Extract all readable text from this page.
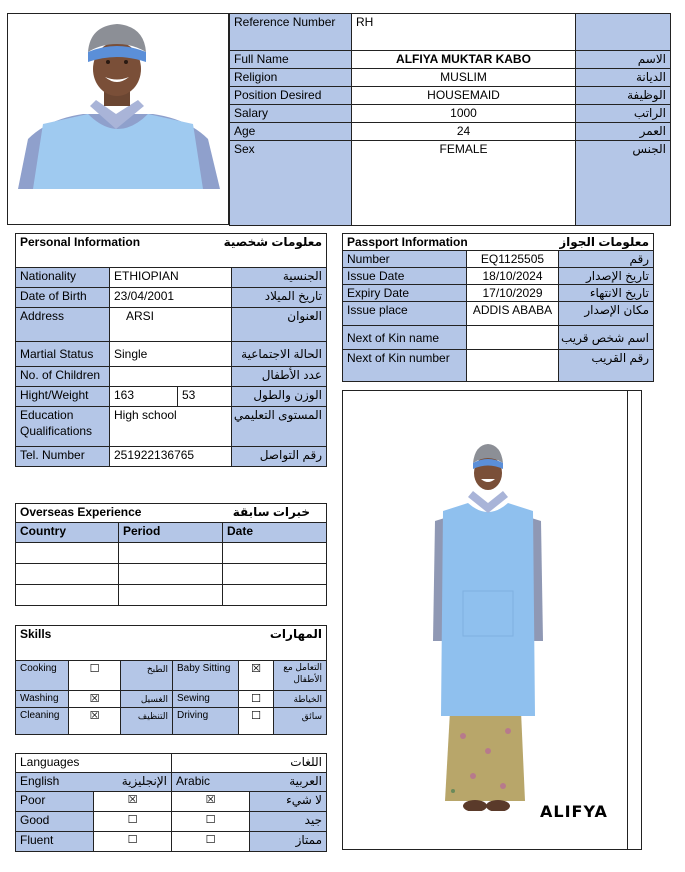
Reference Number	RH	
Full Name	ALFIYA MUKTAR KABO	الاسم
Religion	MUSLIM	الديانة
Position Desired	HOUSEMAID	الوظيفة
Salary	1000	الراتب
Age	24	العمر
Sex	FEMALE	الجنس
Personal Information		معلومات شخصية	
Nationality	ETHIOPIAN		الجنسية
Date of Birth	23/04/2001		تاريخ الميلاد
Address	ARSI		العنوان
Martial Status	Single		الحالة الاجتماعية
No. of Children			عدد الأطفال
Hight/Weight	163	53	الوزن والطول
Education Qualifications	High school		المستوى التعليمي
Tel. Number	251922136765		رقم التواصل
Passport Information		معلومات الجواز
Number	EQ1125505	رقم
Issue Date	18/10/2024	تاريخ الإصدار
Expiry Date	17/10/2029	تاريخ الانتهاء
Issue place	ADDIS ABABA	مكان الإصدار
Next of Kin name		اسم شخص قريب
Next of Kin number		رقم القريب
ALIFYA
Overseas Experience		خبرات سابقة
Country	Period	Date

Skills			المهارات		
Cooking	☐	الطبخ	Baby Sitting	☒	التعامل مع الأطفال
Washing	☒	الغسيل	Sewing	☐	الخياطة
Cleaning	☒	التنظيف	Driving	☐	سائق
Languages		اللغات	
English	الإنجليزية	Arabic	العربية
Poor	☒	☒	لا شيء
Good	☐	☐	جيد
Fluent	☐	☐	ممتاز
